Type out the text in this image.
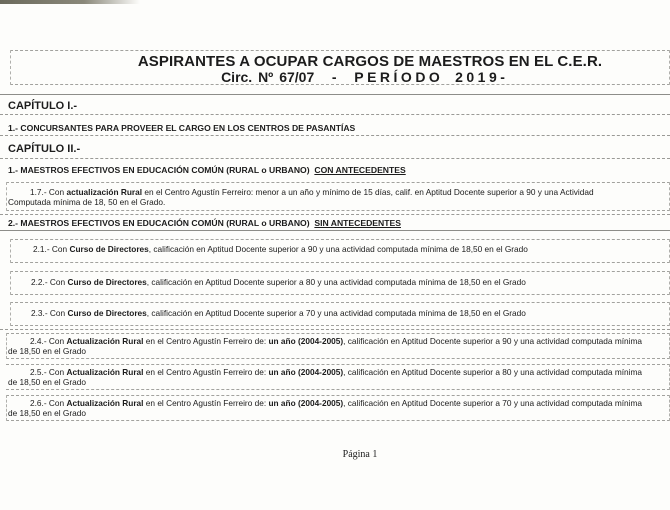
ASPIRANTES A OCUPAR CARGOS DE MAESTROS EN EL C.E.R.
Circ. Nº 67/07 - PERÍODO 2019-
CAPÍTULO I.-
1.- CONCURSANTES PARA PROVEER EL CARGO EN LOS CENTROS DE PASANTÍAS
CAPÍTULO II.-
1.- MAESTROS EFECTIVOS EN EDUCACIÓN COMÚN (RURAL o URBANO) CON ANTECEDENTES
1.7.- Con actualización Rural en el Centro Agustín Ferreiro: menor a un año y mínimo de 15 días, calif. en Aptitud Docente superior a 90 y una Actividad
Computada mínima de 18, 50 en el Grado.
2.- MAESTROS EFECTIVOS EN EDUCACIÓN COMÚN (RURAL o URBANO) SIN ANTECEDENTES
2.1.- Con Curso de Directores, calificación en Aptitud Docente superior a 90 y una actividad computada mínima de 18,50 en el Grado
2.2.- Con Curso de Directores, calificación en Aptitud Docente superior a 80 y una actividad computada mínima de 18,50 en el Grado
2.3.- Con Curso de Directores, calificación en Aptitud Docente superior a 70 y una actividad computada mínima de 18,50 en el Grado
2.4.- Con Actualización Rural en el Centro Agustín Ferreiro de: un año (2004-2005), calificación en Aptitud Docente superior a 90 y una actividad computada mínima
de 18,50 en el Grado
2.5.- Con Actualización Rural en el Centro Agustín Ferreiro de: un año (2004-2005), calificación en Aptitud Docente superior a 80 y una actividad computada mínima
de 18,50 en el Grado
2.6.- Con Actualización Rural en el Centro Agustín Ferreiro de: un año (2004-2005), calificación en Aptitud Docente superior a 70 y una actividad computada mínima
de 18,50 en el Grado
Página 1
